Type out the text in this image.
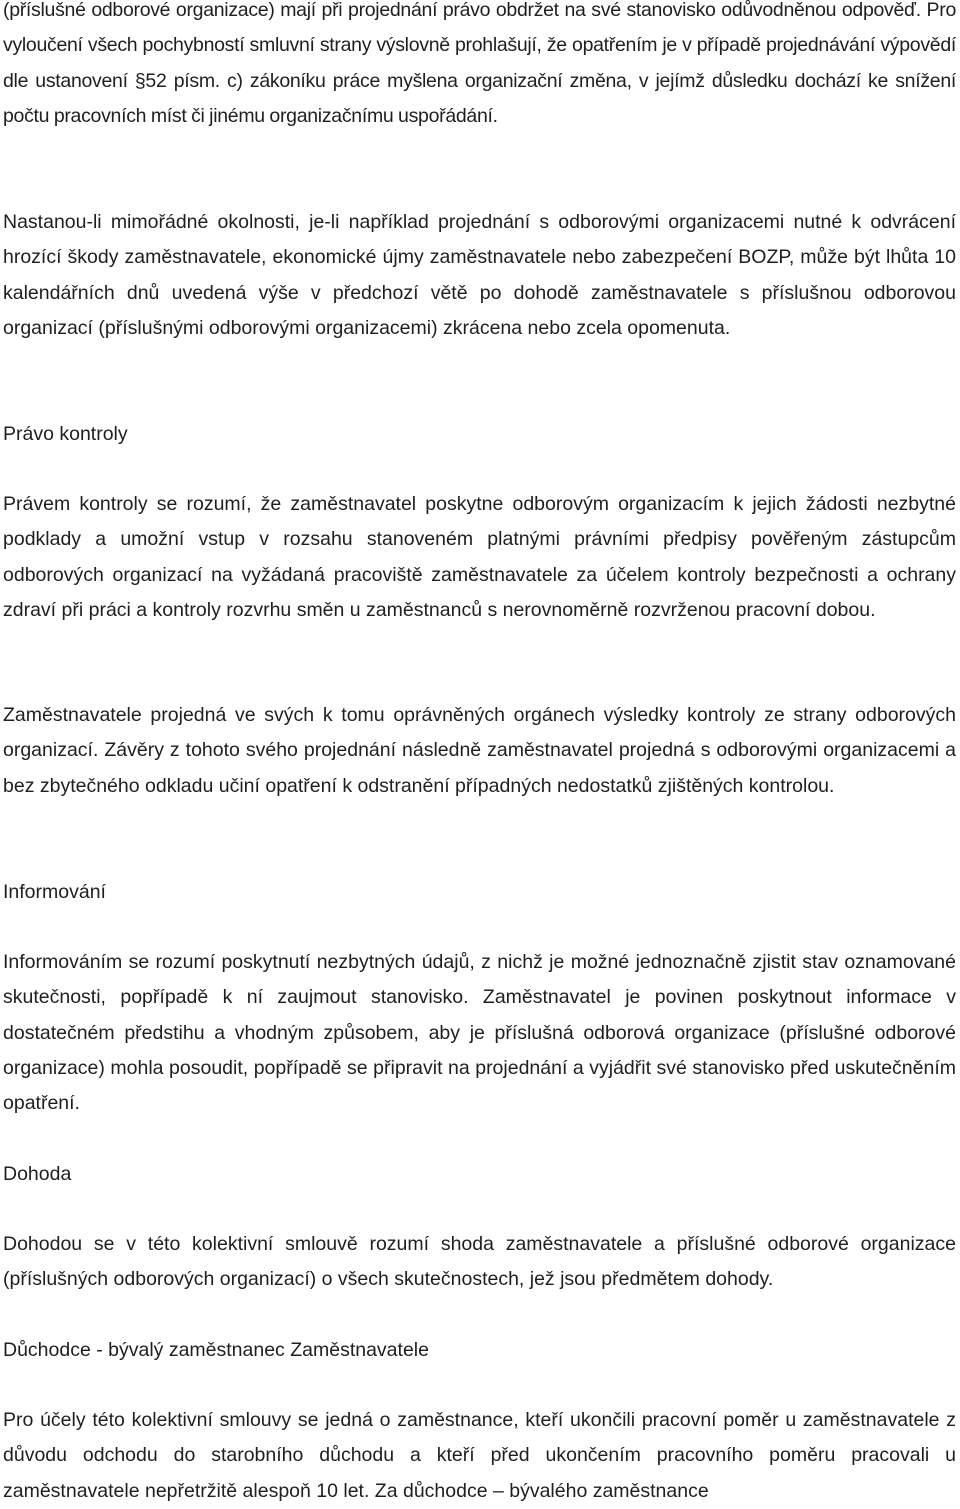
(příslušné odborové organizace) mají při projednání právo obdržet na své stanovisko odůvodněnou odpověď. Pro vyloučení všech pochybností smluvní strany výslovně prohlašují, že opatřením je v případě projednávání výpovědí dle ustanovení §52 písm. c) zákoníku práce myšlena organizační změna, v jejímž důsledku dochází ke snížení počtu pracovních míst či jinému organizačnímu uspořádání.

Nastanou-li mimořádné okolnosti, je-li například projednání s odborovými organizacemi nutné k odvrácení hrozící škody zaměstnavatele, ekonomické újmy zaměstnavatele nebo zabezpečení BOZP, může být lhůta 10 kalendářních dnů uvedená výše v předchozí větě po dohodě zaměstnavatele s příslušnou odborovou organizací (příslušnými odborovými organizacemi) zkrácena nebo zcela opomenuta.

Právo kontroly

Právem kontroly se rozumí, že zaměstnavatel poskytne odborovým organizacím k jejich žádosti nezbytné podklady a umožní vstup v rozsahu stanoveném platnými právními předpisy pověřeným zástupcům odborových organizací na vyžádaná pracoviště zaměstnavatele za účelem kontroly bezpečnosti a ochrany zdraví při práci a kontroly rozvrhu směn u zaměstnanců s nerovnoměrně rozvrženou pracovní dobou.

Zaměstnavatele projedná ve svých k tomu oprávněných orgánech výsledky kontroly ze strany odborových organizací. Závěry z tohoto svého projednání následně zaměstnavatel projedná s odborovými organizacemi a bez zbytečného odkladu učiní opatření k odstranění případných nedostatků zjištěných kontrolou.

Informování

Informováním se rozumí poskytnutí nezbytných údajů, z nichž je možné jednoznačně zjistit stav oznamované skutečnosti, popřípadě k ní zaujmout stanovisko. Zaměstnavatel je povinen poskytnout informace v dostatečném předstihu a vhodným způsobem, aby je příslušná odborová organizace (příslušné odborové organizace) mohla posoudit, popřípadě se připravit na projednání a vyjádřit své stanovisko před uskutečněním opatření.

Dohoda

Dohodou se v této kolektivní smlouvě rozumí shoda zaměstnavatele a příslušné odborové organizace (příslušných odborových organizací) o všech skutečnostech, jež jsou předmětem dohody.

Důchodce - bývalý zaměstnanec Zaměstnavatele

Pro účely této kolektivní smlouvy se jedná o zaměstnance, kteří ukončili pracovní poměr u zaměstnavatele z důvodu odchodu do starobního důchodu a kteří před ukončením pracovního poměru pracovali u zaměstnavatele nepřetržitě alespoň 10 let. Za důchodce – bývalého zaměstnance
